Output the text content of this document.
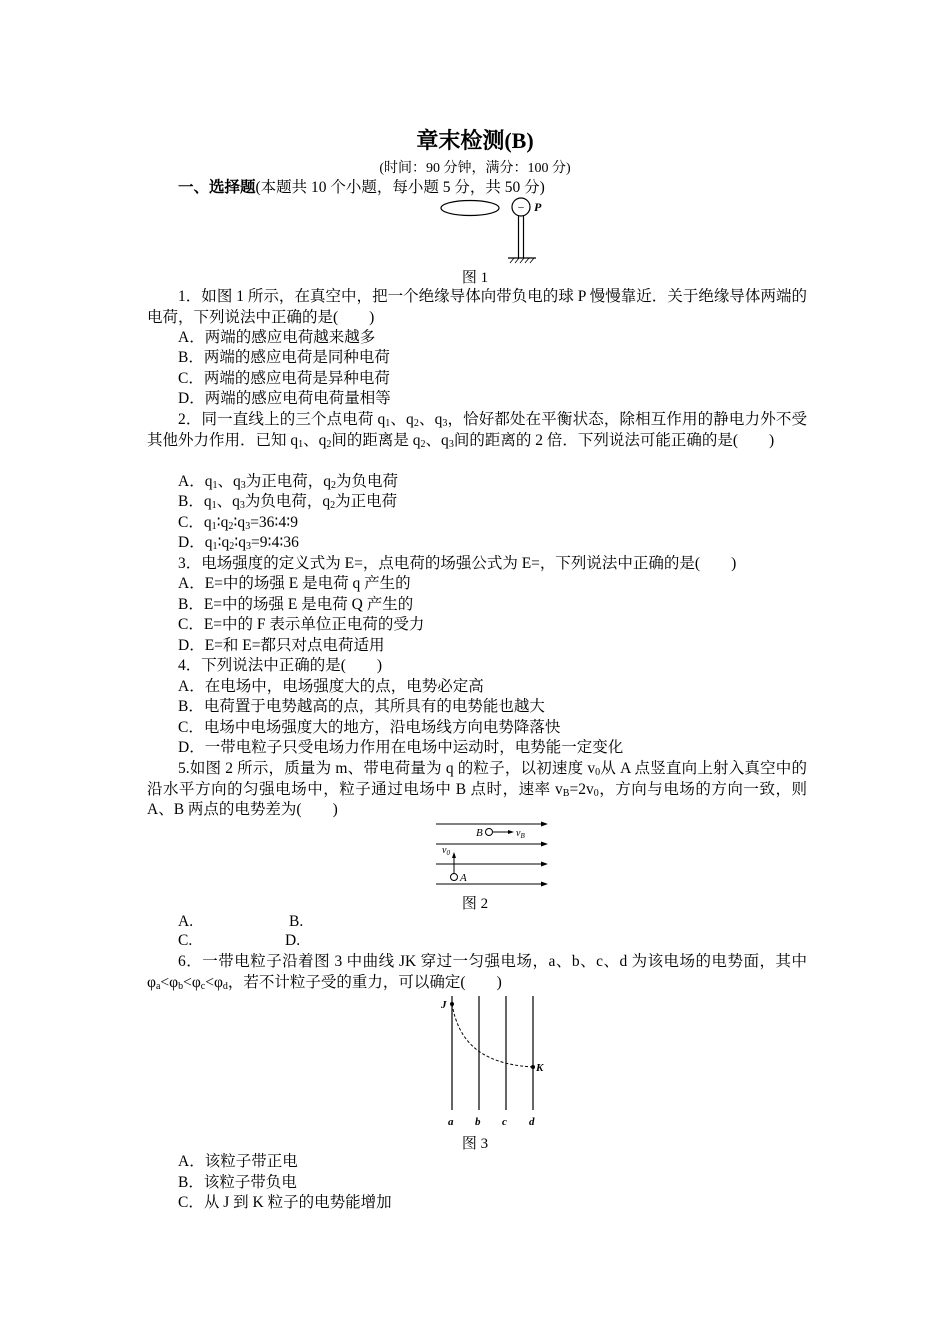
章末检测(B)
(时间：90 分钟，满分：100 分)
一、选择题(本题共 10 个小题，每小题 5 分，共 50 分)
− P
图 1
1．如图 1 所示，在真空中，把一个绝缘导体向带负电的球 P 慢慢靠近．关于绝缘导体两端的电荷，下列说法中正确的是(　　)
A．两端的感应电荷越来越多
B．两端的感应电荷是同种电荷
C．两端的感应电荷是异种电荷
D．两端的感应电荷电荷量相等
2．同一直线上的三个点电荷 $q_1$、$q_2$、$q_3$，恰好都处在平衡状态，除相互作用的静电力外不受其他外力作用．已知 $q_1$、$q_2$间的距离是 $q_2$、$q_3$间的距离的 2 倍．下列说法可能正确的是(　　)
A．$q_1$、$q_3$为正电荷，$q_2$为负电荷
B．$q_1$、$q_3$为负电荷，$q_2$为正电荷
C．$q_1∶q_2∶q_3=36∶4∶9$
D．$q_1∶q_2∶q_3=9∶4∶36$
3．电场强度的定义式为 E=，点电荷的场强公式为 E=，下列说法中正确的是(　　)
A．E=中的场强 E 是电荷 q 产生的
B．E=中的场强 E 是电荷 Q 产生的
C．E=中的 F 表示单位正电荷的受力
D．E=和 E=都只对点电荷适用
4．下列说法中正确的是(　　)
A．在电场中，电场强度大的点，电势必定高
B．电荷置于电势越高的点，其所具有的电势能也越大
C．电场中电场强度大的地方，沿电场线方向电势降落快
D．一带电粒子只受电场力作用在电场中运动时，电势能一定变化
5.如图 2 所示，质量为 m、带电荷量为 q 的粒子，以初速度 $v_0$从 A 点竖直向上射入真空中的沿水平方向的匀强电场中，粒子通过电场中 B 点时，速率 $v_B=2v_0$，方向与电场的方向一致，则 A、B 两点的电势差为(　　)
B	$v_B$
$v_0$
A
图 2
A.	B.
C.	D.
6．一带电粒子沿着图 3 中曲线 JK 穿过一匀强电场，a、b、c、d 为该电场的电势面，其中 $\varphi_a<\varphi_b<\varphi_c<\varphi_d$，若不计粒子受的重力，可以确定(　　)
J
K
a b c d
图 3
A．该粒子带正电
B．该粒子带负电
C．从 J 到 K 粒子的电势能增加
